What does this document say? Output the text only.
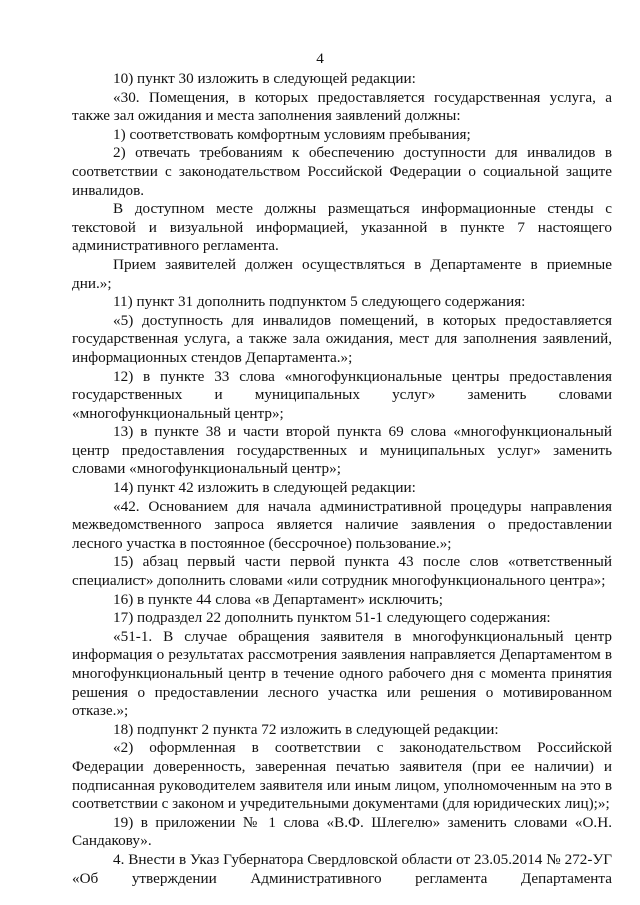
4

10) пункт 30 изложить в следующей редакции:

«30. Помещения, в которых предоставляется государственная услуга, а также зал ожидания и места заполнения заявлений должны:

1) соответствовать комфортным условиям пребывания;

2) отвечать требованиям к обеспечению доступности для инвалидов в соответствии с законодательством Российской Федерации о социальной защите инвалидов.

В доступном месте должны размещаться информационные стенды с текстовой и визуальной информацией, указанной в пункте 7 настоящего административного регламента.

Прием заявителей должен осуществляться в Департаменте в приемные дни.»;

11) пункт 31 дополнить подпунктом 5 следующего содержания:

«5) доступность для инвалидов помещений, в которых предоставляется государственная услуга, а также зала ожидания, мест для заполнения заявлений, информационных стендов Департамента.»;

12) в пункте 33 слова «многофункциональные центры предоставления государственных и муниципальных услуг» заменить словами «многофункциональный центр»;

13) в пункте 38 и части второй пункта 69 слова «многофункциональный центр предоставления государственных и муниципальных услуг» заменить словами «многофункциональный центр»;

14) пункт 42 изложить в следующей редакции:

«42. Основанием для начала административной процедуры направления межведомственного запроса является наличие заявления о предоставлении лесного участка в постоянное (бессрочное) пользование.»;

15) абзац первый части первой пункта 43 после слов «ответственный специалист» дополнить словами «или сотрудник многофункционального центра»;

16) в пункте 44 слова «в Департамент» исключить;

17) подраздел 22 дополнить пунктом 51-1 следующего содержания:

«51-1. В случае обращения заявителя в многофункциональный центр информация о результатах рассмотрения заявления направляется Департаментом в многофункциональный центр в течение одного рабочего дня с момента принятия решения о предоставлении лесного участка или решения о мотивированном отказе.»;

18) подпункт 2 пункта 72 изложить в следующей редакции:

«2) оформленная в соответствии с законодательством Российской Федерации доверенность, заверенная печатью заявителя (при ее наличии) и подписанная руководителем заявителя или иным лицом, уполномоченным на это в соответствии с законом и учредительными документами (для юридических лиц);»;

19) в приложении № 1 слова «В.Ф. Шлегелю» заменить словами «О.Н. Сандакову».

4. Внести в Указ Губернатора Свердловской области от 23.05.2014 № 272-УГ «Об утверждении Административного регламента Департамента
